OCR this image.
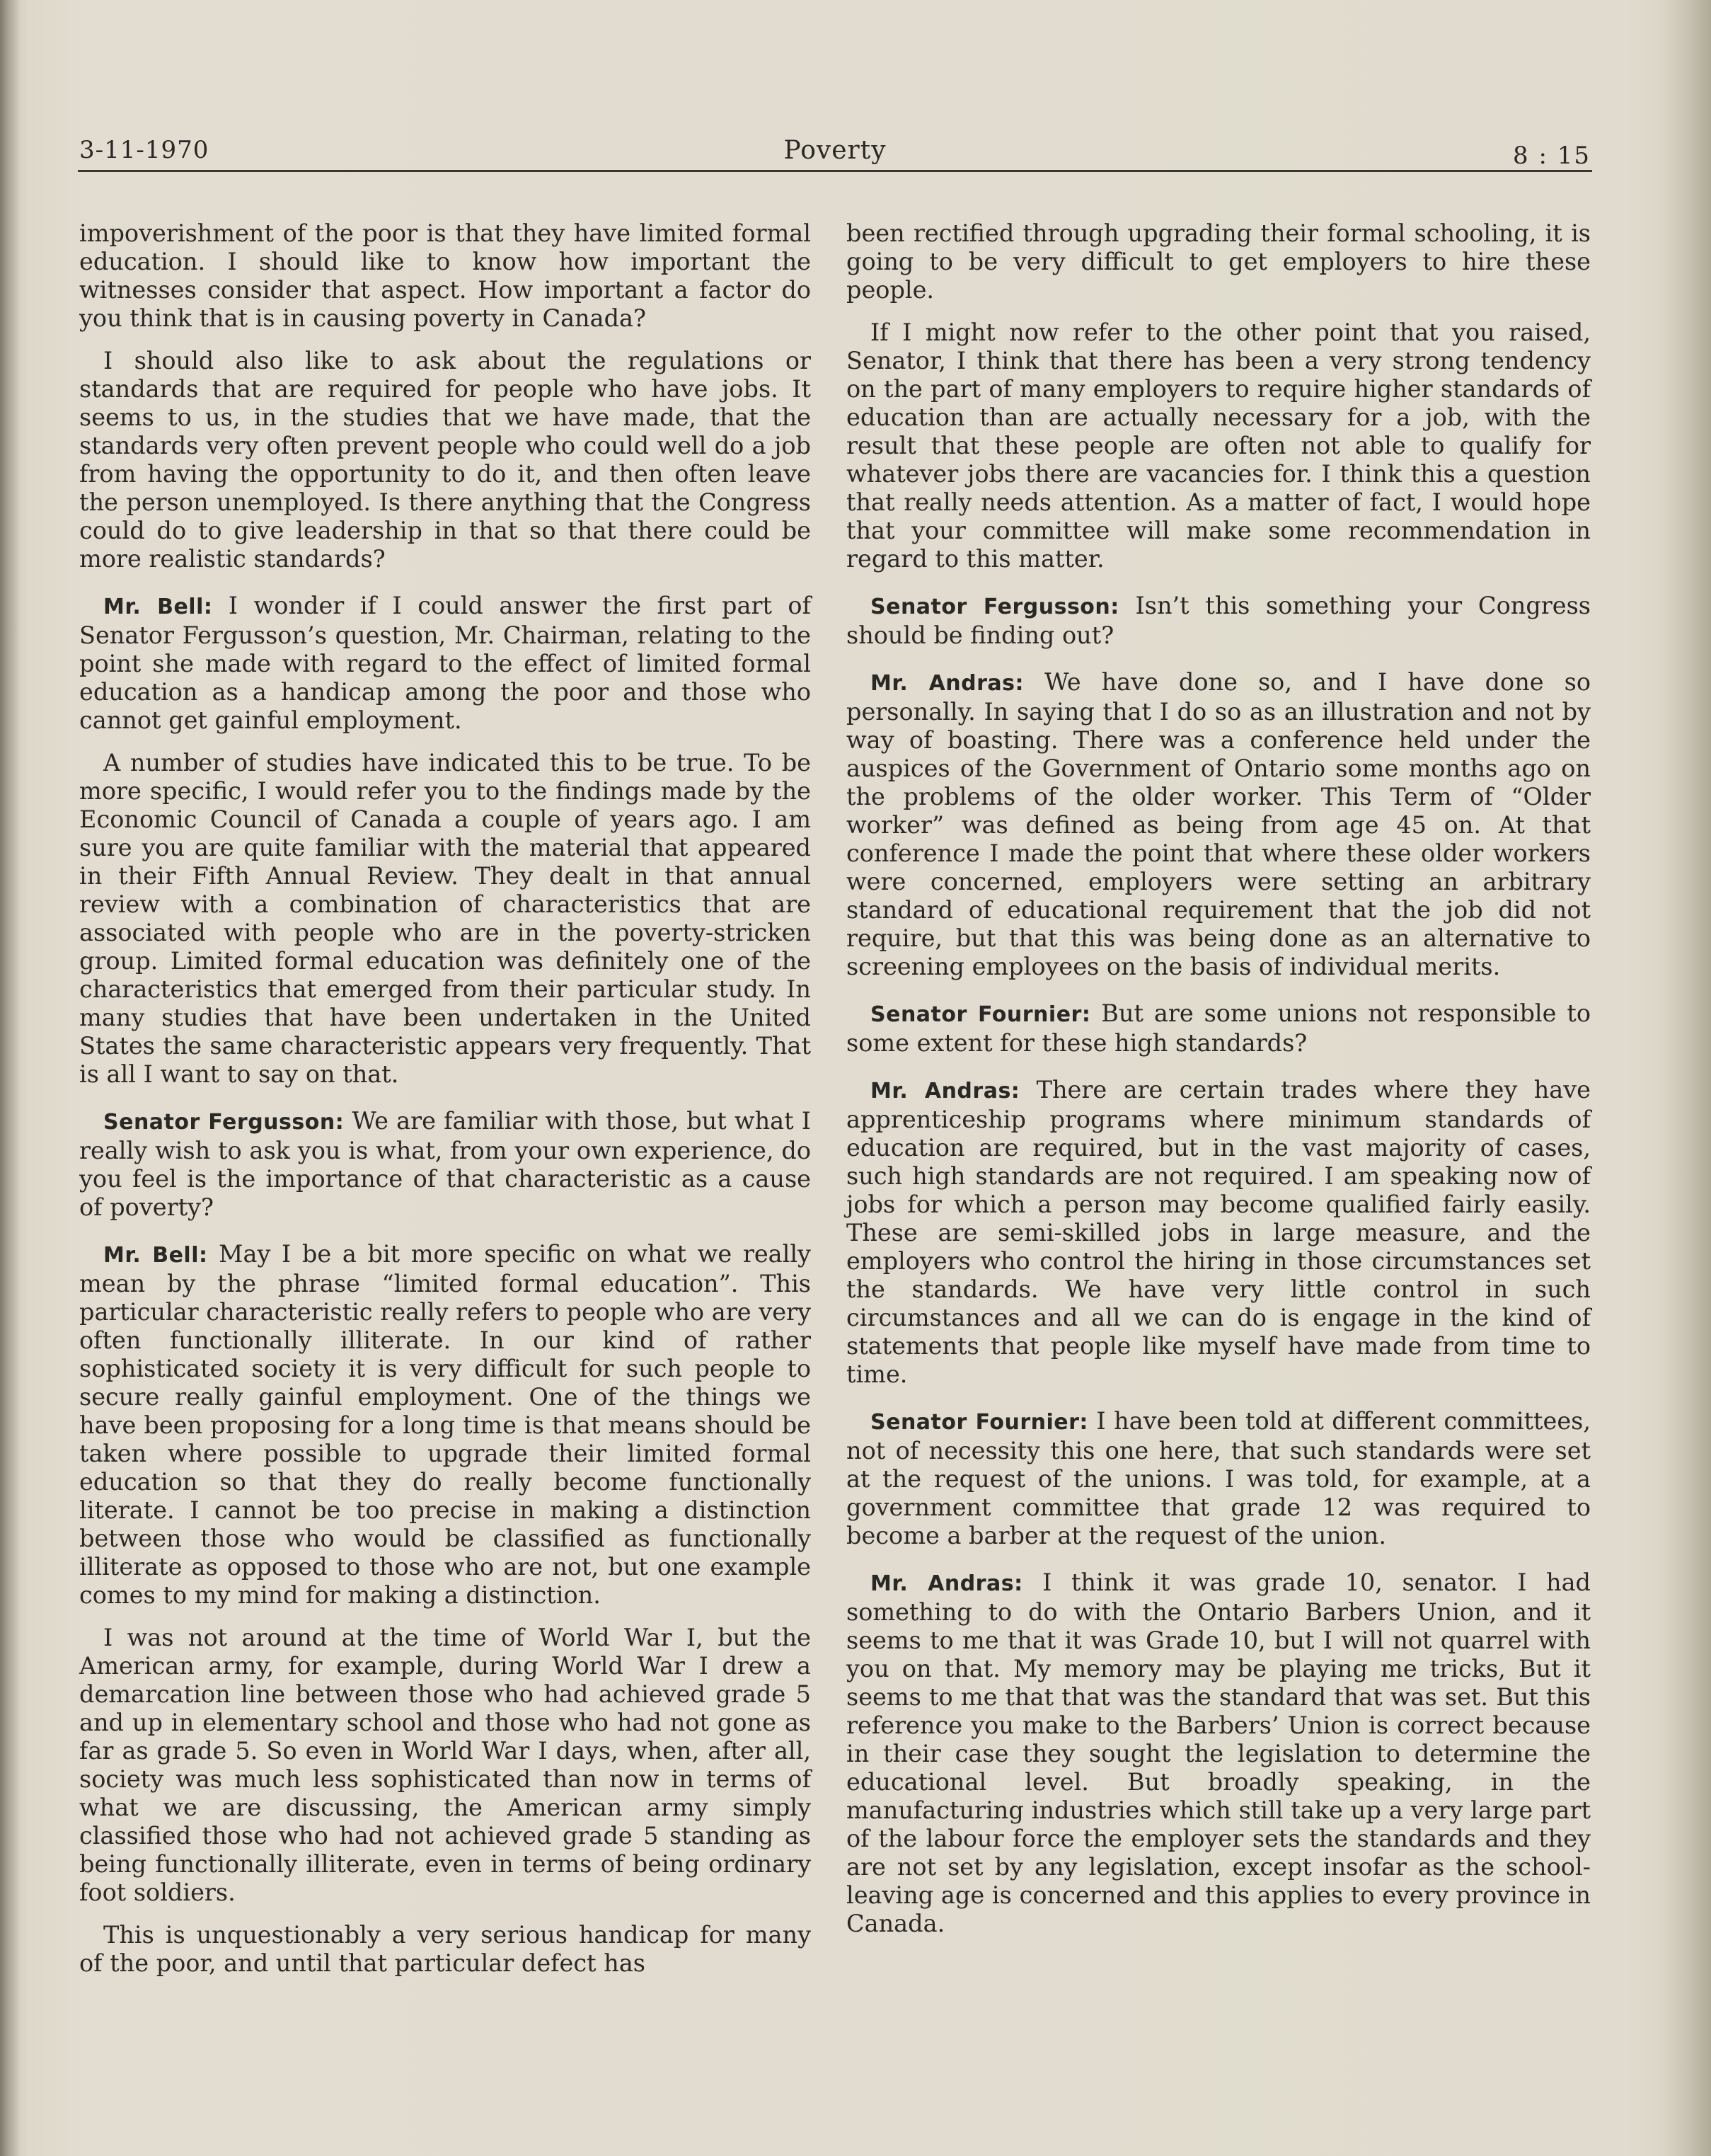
3-11-1970	Poverty	8 : 15

impoverishment of the poor is that they have limited formal education. I should like to know how important the witnesses consider that aspect. How important a factor do you think that is in causing poverty in Canada?

I should also like to ask about the regulations or standards that are required for people who have jobs. It seems to us, in the studies that we have made, that the standards very often prevent people who could well do a job from having the opportunity to do it, and then often leave the person unemployed. Is there anything that the Congress could do to give leadership in that so that there could be more realistic standards?

Mr. Bell: I wonder if I could answer the first part of Senator Fergusson’s question, Mr. Chairman, relating to the point she made with regard to the effect of limited formal education as a handicap among the poor and those who cannot get gainful employment.

A number of studies have indicated this to be true. To be more specific, I would refer you to the findings made by the Economic Council of Canada a couple of years ago. I am sure you are quite familiar with the material that appeared in their Fifth Annual Review. They dealt in that annual review with a combination of characteristics that are associated with people who are in the poverty-stricken group. Limited formal education was definitely one of the characteristics that emerged from their particular study. In many studies that have been undertaken in the United States the same characteristic appears very frequently. That is all I want to say on that.

Senator Fergusson: We are familiar with those, but what I really wish to ask you is what, from your own experience, do you feel is the importance of that characteristic as a cause of poverty?

Mr. Bell: May I be a bit more specific on what we really mean by the phrase “limited formal education”. This particular characteristic really refers to people who are very often functionally illiterate. In our kind of rather sophisticated society it is very difficult for such people to secure really gainful employment. One of the things we have been proposing for a long time is that means should be taken where possible to upgrade their limited formal education so that they do really become functionally literate. I cannot be too precise in making a distinction between those who would be classified as functionally illiterate as opposed to those who are not, but one example comes to my mind for making a distinction.

I was not around at the time of World War I, but the American army, for example, during World War I drew a demarcation line between those who had achieved grade 5 and up in elementary school and those who had not gone as far as grade 5. So even in World War I days, when, after all, society was much less sophisticated than now in terms of what we are discussing, the American army simply classified those who had not achieved grade 5 standing as being functionally illiterate, even in terms of being ordinary foot soldiers.

This is unquestionably a very serious handicap for many of the poor, and until that particular defect has

been rectified through upgrading their formal schooling, it is going to be very difficult to get employers to hire these people.

If I might now refer to the other point that you raised, Senator, I think that there has been a very strong tendency on the part of many employers to require higher standards of education than are actually necessary for a job, with the result that these people are often not able to qualify for whatever jobs there are vacancies for. I think this a question that really needs attention. As a matter of fact, I would hope that your committee will make some recommendation in regard to this matter.

Senator Fergusson: Isn’t this something your Congress should be finding out?

Mr. Andras: We have done so, and I have done so personally. In saying that I do so as an illustration and not by way of boasting. There was a conference held under the auspices of the Government of Ontario some months ago on the problems of the older worker. This Term of “Older worker” was defined as being from age 45 on. At that conference I made the point that where these older workers were concerned, employers were setting an arbitrary standard of educational requirement that the job did not require, but that this was being done as an alternative to screening employees on the basis of individual merits.

Senator Fournier: But are some unions not responsible to some extent for these high standards?

Mr. Andras: There are certain trades where they have apprenticeship programs where minimum standards of education are required, but in the vast majority of cases, such high standards are not required. I am speaking now of jobs for which a person may become qualified fairly easily. These are semi-skilled jobs in large measure, and the employers who control the hiring in those circumstances set the standards. We have very little control in such circumstances and all we can do is engage in the kind of statements that people like myself have made from time to time.

Senator Fournier: I have been told at different committees, not of necessity this one here, that such standards were set at the request of the unions. I was told, for example, at a government committee that grade 12 was required to become a barber at the request of the union.

Mr. Andras: I think it was grade 10, senator. I had something to do with the Ontario Barbers Union, and it seems to me that it was Grade 10, but I will not quarrel with you on that. My memory may be playing me tricks, But it seems to me that that was the standard that was set. But this reference you make to the Barbers’ Union is correct because in their case they sought the legislation to determine the educational level. But broadly speaking, in the manufacturing industries which still take up a very large part of the labour force the employer sets the standards and they are not set by any legislation, except insofar as the school-leaving age is concerned and this applies to every province in Canada.
